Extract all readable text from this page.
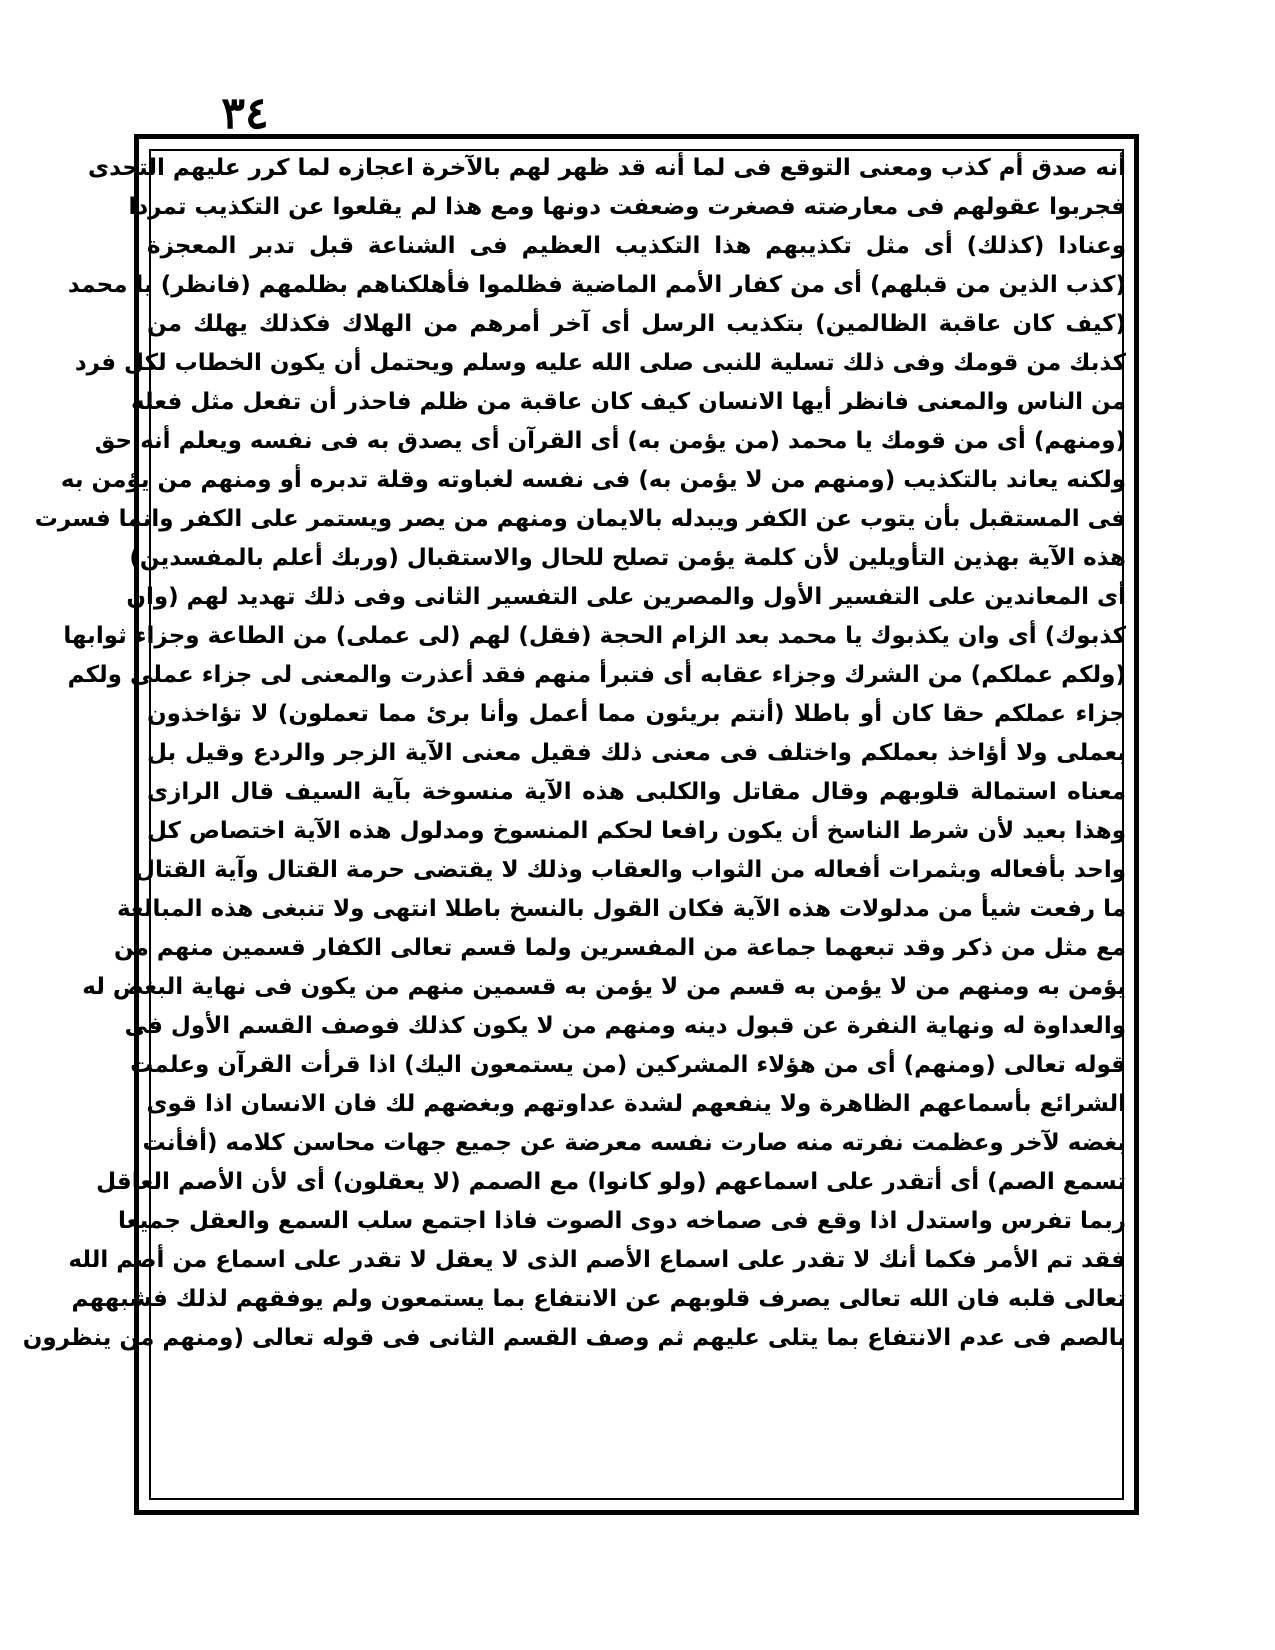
٣٤
أنه صدق أم كذب ومعنى التوقع فى لما أنه قد ظهر لهم بالآخرة اعجازه لما كرر عليهم التحدى
فجربوا عقولهم فى معارضته فصغرت وضعفت دونها ومع هذا لم يقلعوا عن التكذيب تمردا
وعنادا (كذلك) أى مثل تكذيبهم هذا التكذيب العظيم فى الشناعة قبل تدبر المعجزة
(كذب الذين من قبلهم) أى من كفار الأمم الماضية فظلموا فأهلكناهم بظلمهم (فانظر) يا محمد
(كيف كان عاقبة الظالمين) بتكذيب الرسل أى آخر أمرهم من الهلاك فكذلك يهلك من
كذبك من قومك وفى ذلك تسلية للنبى صلى الله عليه وسلم ويحتمل أن يكون الخطاب لكل فرد
من الناس والمعنى فانظر أيها الانسان كيف كان عاقبة من ظلم فاحذر أن تفعل مثل فعله
(ومنهم) أى من قومك يا محمد (من يؤمن به) أى القرآن أى يصدق به فى نفسه ويعلم أنه حق
ولكنه يعاند بالتكذيب (ومنهم من لا يؤمن به) فى نفسه لغباوته وقلة تدبره أو ومنهم من يؤمن به
فى المستقبل بأن يتوب عن الكفر ويبدله بالايمان ومنهم من يصر ويستمر على الكفر وانما فسرت
هذه الآية بهذين التأويلين لأن كلمة يؤمن تصلح للحال والاستقبال (وربك أعلم بالمفسدين)
أى المعاندين على التفسير الأول والمصرين على التفسير الثانى وفى ذلك تهديد لهم (وان
كذبوك) أى وان يكذبوك يا محمد بعد الزام الحجة (فقل) لهم (لى عملى) من الطاعة وجزاء ثوابها
(ولكم عملكم) من الشرك وجزاء عقابه أى فتبرأ منهم فقد أعذرت والمعنى لى جزاء عملى ولكم
جزاء عملكم حقا كان أو باطلا (أنتم بريئون مما أعمل وأنا برئ مما تعملون) لا تؤاخذون
بعملى ولا أؤاخذ بعملكم واختلف فى معنى ذلك فقيل معنى الآية الزجر والردع وقيل بل
معناه استمالة قلوبهم وقال مقاتل والكلبى هذه الآية منسوخة بآية السيف قال الرازى
وهذا بعيد لأن شرط الناسخ أن يكون رافعا لحكم المنسوخ ومدلول هذه الآية اختصاص كل
واحد بأفعاله وبثمرات أفعاله من الثواب والعقاب وذلك لا يقتضى حرمة القتال وآية القتال
ما رفعت شيأ من مدلولات هذه الآية فكان القول بالنسخ باطلا انتهى ولا تنبغى هذه المبالغة
مع مثل من ذكر وقد تبعهما جماعة من المفسرين ولما قسم تعالى الكفار قسمين منهم من
يؤمن به ومنهم من لا يؤمن به قسم من لا يؤمن به قسمين منهم من يكون فى نهاية البغض له
والعداوة له ونهاية النفرة عن قبول دينه ومنهم من لا يكون كذلك فوصف القسم الأول فى
قوله تعالى (ومنهم) أى من هؤلاء المشركين (من يستمعون اليك) اذا قرأت القرآن وعلمت
الشرائع بأسماعهم الظاهرة ولا ينفعهم لشدة عداوتهم وبغضهم لك فان الانسان اذا قوى
بغضه لآخر وعظمت نفرته منه صارت نفسه معرضة عن جميع جهات محاسن كلامه (أفأنت
تسمع الصم) أى أتقدر على اسماعهم (ولو كانوا) مع الصمم (لا يعقلون) أى لأن الأصم العاقل
ربما تفرس واستدل اذا وقع فى صماخه دوى الصوت فاذا اجتمع سلب السمع والعقل جميعا
فقد تم الأمر فكما أنك لا تقدر على اسماع الأصم الذى لا يعقل لا تقدر على اسماع من أصم الله
تعالى قلبه فان الله تعالى يصرف قلوبهم عن الانتفاع بما يستمعون ولم يوفقهم لذلك فشبههم
بالصم فى عدم الانتفاع بما يتلى عليهم ثم وصف القسم الثانى فى قوله تعالى (ومنهم من ينظرون
